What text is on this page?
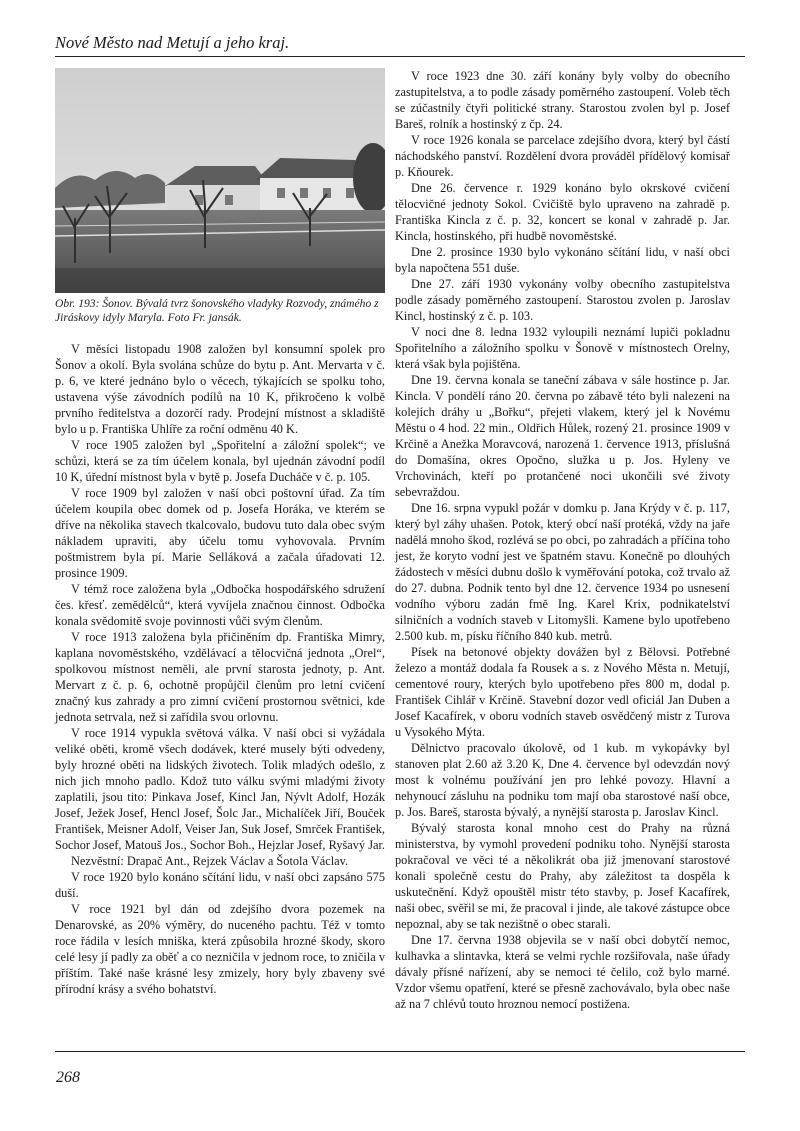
Nové Město nad Metují a jeho kraj.
Obr. 193: Šonov. Bývalá tvrz šonovského vladyky Rozvody, známého z Jiráskovy idyly Maryla. Foto Fr. jansák.

V měsíci listopadu 1908 založen byl konsumní spolek pro Šonov a okolí. Byla svolána schůze do bytu p. Ant. Mervarta v č. p. 6, ve které jednáno bylo o věcech, týkajících se spolku toho, ustavena výše závodních podílů na 10 K, přikročeno k volbě prvního ředitelstva a dozorčí rady. Prodejní místnost a skladiště bylo u p. Františka Uhlíře za roční odměnu 40 K.

V roce 1905 založen byl „Spořitelní a záložní spolek“; ve schůzi, která se za tím účelem konala, byl ujednán závodní podíl 10 K, úřední místnost byla v bytě p. Josefa Ducháče v č. p. 105.

V roce 1909 byl založen v naší obci poštovní úřad. Za tím účelem koupila obec domek od p. Josefa Horáka, ve kterém se dříve na několika stavech tkalcovalo, budovu tuto dala obec svým nákladem upraviti, aby účelu tomu vyhovovala. Prvním poštmistrem byla pí. Marie Selláková a začala úřadovati 12. prosince 1909.

V témž roce založena byla „Odbočka hospodářského sdružení čes. křesť. zemědělců“, která vyvíjela značnou činnost. Odbočka konala svědomitě svoje povinnosti vůči svým členům.

V roce 1913 založena byla přičiněním dp. Františka Mimry, kaplana novoměstského, vzdělávací a tělocvičná jednota „Orel“, spolkovou místnost neměli, ale první starosta jednoty, p. Ant. Mervart z č. p. 6, ochotně propůjčil členům pro letní cvičení značný kus zahrady a pro zimní cvičení prostornou světnici, kde jednota setrvala, než si zařídila svou orlovnu.

V roce 1914 vypukla světová válka. V naší obci si vyžádala veliké oběti, kromě všech dodávek, které musely býti odvedeny, byly hrozné oběti na lidských životech. Tolik mladých odešlo, z nich jich mnoho padlo. Kdož tuto válku svými mladými životy zaplatili, jsou tito: Pinkava Josef, Kincl Jan, Nývlt Adolf, Hozák Josef, Ježek Josef, Hencl Josef, Šolc Jar., Michalíček Jiří, Bouček František, Meisner Adolf, Veiser Jan, Suk Josef, Smrček František, Sochor Josef, Matouš Jos., Sochor Boh., Hejzlar Josef, Ryšavý Jar.

Nezvěstní: Drapač Ant., Rejzek Václav a Šotola Václav.

V roce 1920 bylo konáno sčítání lidu, v naší obci zapsáno 575 duší.

V roce 1921 byl dán od zdejšího dvora pozemek na Denarovské, as 20% výměry, do nuceného pachtu. Též v tomto roce řádila v lesích mniška, která způsobila hrozné škody, skoro celé lesy jí padly za oběť a co nezničila v jednom roce, to zničila v příštím. Také naše krásné lesy zmizely, hory byly zbaveny své přírodní krásy a svého bohatství.

V roce 1923 dne 30. září konány byly volby do obecního zastupitelstva, a to podle zásady poměrného zastoupení. Voleb těch se zúčastnily čtyři politické strany. Starostou zvolen byl p. Josef Bareš, rolník a hostinský z čp. 24.

V roce 1926 konala se parcelace zdejšího dvora, který byl částí náchodského panství. Rozdělení dvora prováděl přídělový komisař p. Kňourek.

Dne 26. července r. 1929 konáno bylo okrskové cvičení tělocvičné jednoty Sokol. Cvičiště bylo upraveno na zahradě p. Františka Kincla z č. p. 32, koncert se konal v zahradě p. Jar. Kincla, hostinského, při hudbě novoměstské.

Dne 2. prosince 1930 bylo vykonáno sčítání lidu, v naší obci byla napočtena 551 duše.

Dne 27. září 1930 vykonány volby obecního zastupitelstva podle zásady poměrného zastoupení. Starostou zvolen p. Jaroslav Kincl, hostinský z č. p. 103.

V noci dne 8. ledna 1932 vyloupili neznámí lupiči pokladnu Spořitelního a záložního spolku v Šonově v místnostech Orelny, která však byla pojištěna.

Dne 19. června konala se taneční zábava v sále hostince p. Jar. Kincla. V pondělí ráno 20. června po zábavě této byli nalezeni na kolejích dráhy u „Bořku“, přejeti vlakem, který jel k Novému Městu o 4 hod. 22 min., Oldřich Hůlek, rozený 21. prosince 1909 v Krčině a Anežka Moravcová, narozená 1. července 1913, příslušná do Domašína, okres Opočno, služka u p. Jos. Hyleny ve Vrchovinách, kteří po protančené noci ukončili své životy sebevraždou.

Dne 16. srpna vypukl požár v domku p. Jana Krýdy v č. p. 117, který byl záhy uhašen. Potok, který obcí naší protéká, vždy na jaře nadělá mnoho škod, rozlévá se po obci, po zahradách a příčina toho jest, že koryto vodní jest ve špatném stavu. Konečně po dlouhých žádostech v měsíci dubnu došlo k vyměřování potoka, což trvalo až do 27. dubna. Podnik tento byl dne 12. července 1934 po usnesení vodního výboru zadán fmě Ing. Karel Krix, podnikatelství silničních a vodních staveb v Litomyšli. Kamene bylo upotřebeno 2.500 kub. m, písku říčního 840 kub. metrů.

Písek na betonové objekty dovážen byl z Bělovsi. Potřebné železo a montáž dodala fa Rousek a s. z Nového Města n. Metují, cementové roury, kterých bylo upotřebeno přes 800 m, dodal p. František Cihlář v Krčině. Stavební dozor vedl oficiál Jan Duben a Josef Kacafírek, v oboru vodních staveb osvědčený mistr z Turova u Vysokého Mýta.

Dělnictvo pracovalo úkolově, od 1 kub. m vykopávky byl stanoven plat 2.60 až 3.20 K, Dne 4. července byl odevzdán nový most k volnému používání jen pro lehké povozy. Hlavní a nehynoucí zásluhu na podniku tom mají oba starostové naší obce, p. Jos. Bareš, starosta bývalý, a nynější starosta p. Jaroslav Kincl.

Bývalý starosta konal mnoho cest do Prahy na různá ministerstva, by vymohl provedení podniku toho. Nynější starosta pokračoval ve věci té a několikrát oba již jmenovaní starostové konali společně cestu do Prahy, aby záležitost ta dospěla k uskutečnění. Když opouštěl mistr této stavby, p. Josef Kacafírek, naši obec, svěřil se mi, že pracoval i jinde, ale takové zástupce obce nepoznal, aby se tak nezištně o obec starali.

Dne 17. června 1938 objevila se v naší obci dobytčí nemoc, kulhavka a slintavka, která se velmi rychle rozšiřovala, naše úřady dávaly přísné nařízení, aby se nemoci té čelilo, což bylo marné. Vzdor všemu opatření, které se přesně zachovávalo, byla obec naše až na 7 chlévů touto hroznou nemocí postižena.

268
